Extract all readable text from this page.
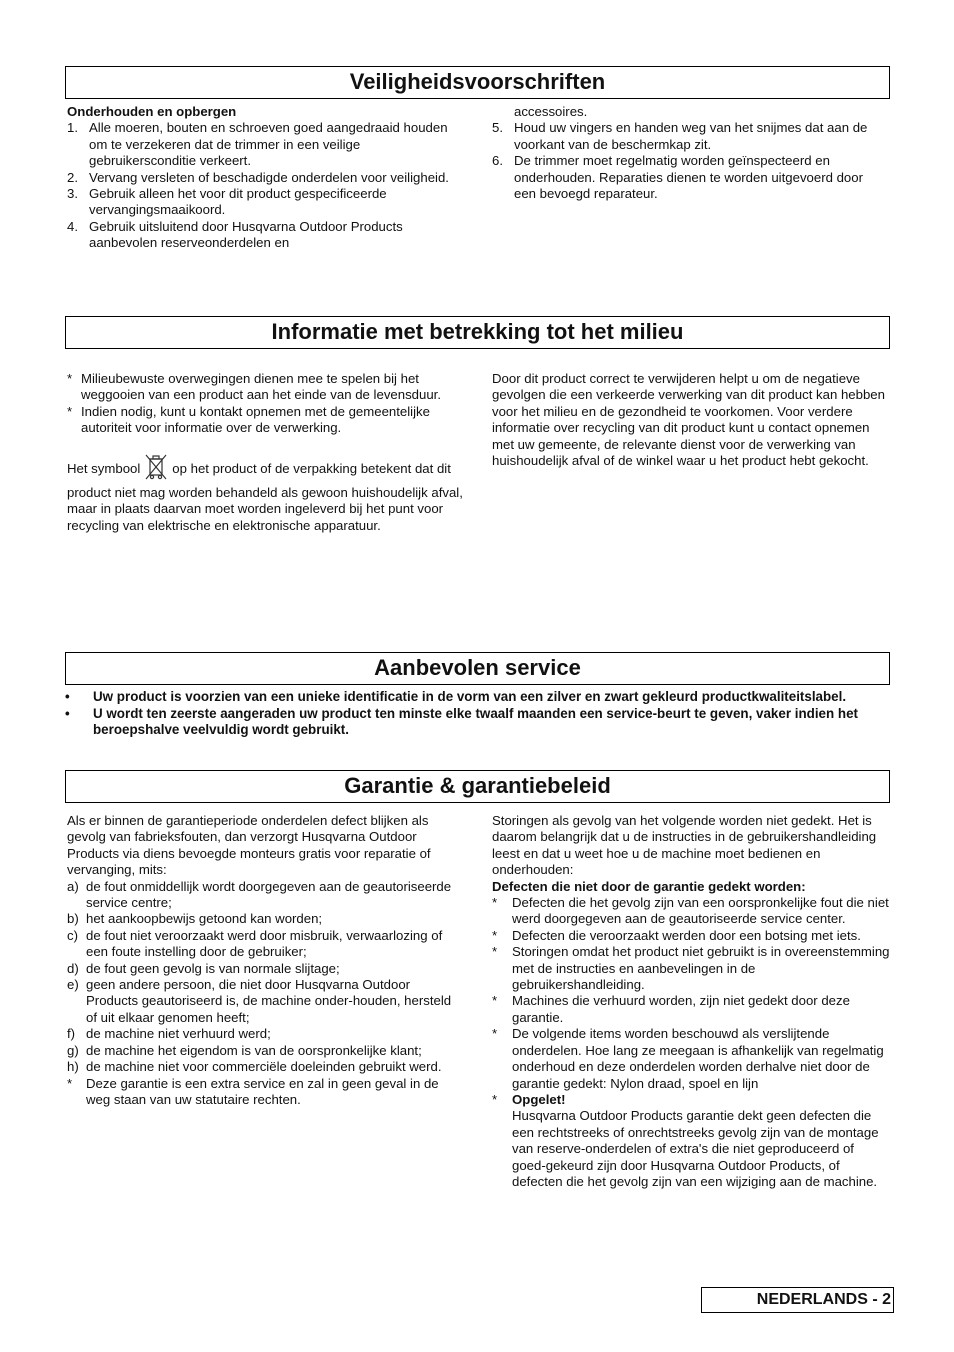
Veiligheidsvoorschriften

Onderhouden en opbergen

1. Alle moeren, bouten en schroeven goed aangedraaid houden om te verzekeren dat de trimmer in een veilige gebruikersconditie verkeert.
2. Vervang versleten of beschadigde onderdelen voor veiligheid.
3. Gebruik alleen het voor dit product gespecificeerde vervangingsmaaikoord.
4. Gebruik uitsluitend door Husqvarna Outdoor Products aanbevolen reserveonderdelen en
accessoires.
5. Houd uw vingers en handen weg van het snijmes dat aan de voorkant van de beschermkap zit.
6. De trimmer moet regelmatig worden geïnspecteerd en onderhouden. Reparaties dienen te worden uitgevoerd door een bevoegd reparateur.
Informatie met betrekking tot het milieu
* Milieubewuste overwegingen dienen mee te spelen bij het weggooien van een product aan het einde van de levensduur.
* Indien nodig, kunt u kontakt opnemen met de gemeentelijke autoriteit voor informatie over de verwerking.

Het symbool op het product of de verpakking betekent dat dit product niet mag worden behandeld als gewoon huishoudelijk afval, maar in plaats daarvan moet worden ingeleverd bij het punt voor recycling van elektrische en elektronische apparatuur.

Door dit product correct te verwijderen helpt u om de negatieve gevolgen die een verkeerde verwerking van dit product kan hebben voor het milieu en de gezondheid te voorkomen. Voor verdere informatie over recycling van dit product kunt u contact opnemen met uw gemeente, de relevante dienst voor de verwerking van huishoudelijk afval of de winkel waar u het product hebt gekocht.

Aanbevolen service
•	Uw product is voorzien van een unieke identificatie in de vorm van een zilver en zwart gekleurd productkwaliteitslabel.
•	U wordt ten zeerste aangeraden uw product ten minste elke twaalf maanden een service-beurt te geven, vaker indien het beroepshalve veelvuldig wordt gebruikt.
Garantie & garantiebeleid

Als er binnen de garantieperiode onderdelen defect blijken als gevolg van fabrieksfouten, dan verzorgt Husqvarna Outdoor Products via diens bevoegde monteurs gratis voor reparatie of vervanging, mits:

a) de fout onmiddellijk wordt doorgegeven aan de geautoriseerde service centre;
b) het aankoopbewijs getoond kan worden;
c) de fout niet veroorzaakt werd door misbruik, verwaarlozing of een foute instelling door de gebruiker;
d) de fout geen gevolg is van normale slijtage;
e) geen andere persoon, die niet door Husqvarna Outdoor Products geautoriseerd is, de machine onder-houden, hersteld of uit elkaar genomen heeft;
f) de machine niet verhuurd werd;
g) de machine het eigendom is van de oorspronkelijke klant;
h) de machine niet voor commerciële doeleinden gebruikt werd.
*	Deze garantie is een extra service en zal in geen geval in de weg staan van uw statutaire rechten.

Storingen als gevolg van het volgende worden niet gedekt. Het is daarom belangrijk dat u de instructies in de gebruikershandleiding leest en dat u weet hoe u de machine moet bedienen en onderhouden:

Defecten die niet door de garantie gedekt worden:

*	Defecten die het gevolg zijn van een oorspronkelijke fout die niet werd doorgegeven aan de geautoriseerde service center.
*	Defecten die veroorzaakt werden door een botsing met iets.
*	Storingen omdat het product niet gebruikt is in overeenstemming met de instructies en aanbevelingen in de gebruikershandleiding.
*	Machines die verhuurd worden, zijn niet gedekt door deze garantie.
*	De volgende items worden beschouwd als verslijtende onderdelen. Hoe lang ze meegaan is afhankelijk van regelmatig onderhoud en deze onderdelen worden derhalve niet door de garantie gedekt: Nylon draad, spoel en lijn
*	Opgelet!
Husqvarna Outdoor Products garantie dekt geen defecten die een rechtstreeks of onrechtstreeks gevolg zijn van de montage van reserve-onderdelen of extra's die niet geproduceerd of goed-gekeurd zijn door Husqvarna Outdoor Products, of defecten die het gevolg zijn van een wijziging aan de machine.
NEDERLANDS - 2
